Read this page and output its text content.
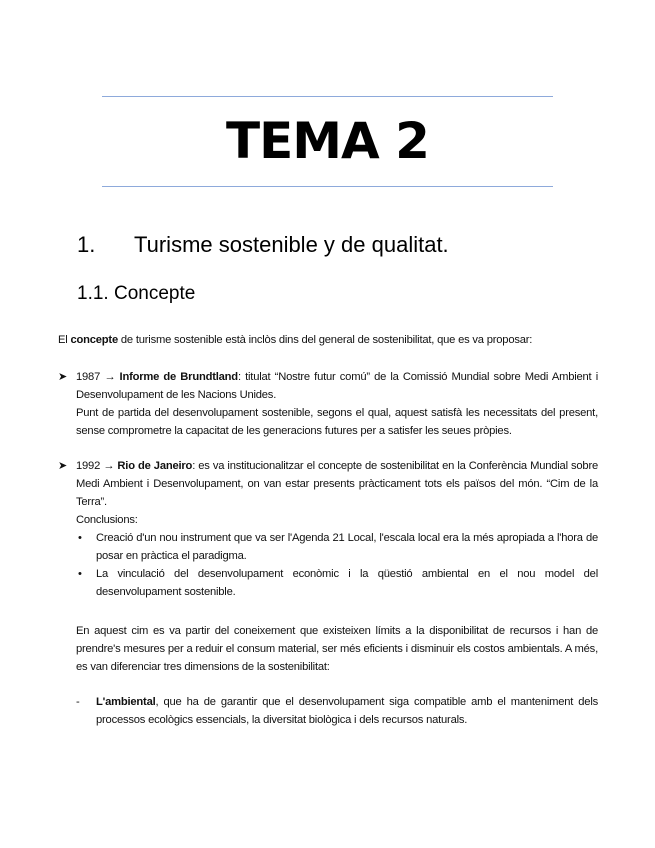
TEMA 2
1. Turisme sostenible y de qualitat.
1.1. Concepte
El concepte de turisme sostenible està inclòs dins del general de sostenibilitat, que es va proposar:
➤ 1987 → Informe de Brundtland: titulat “Nostre futur comú” de la Comissió Mundial sobre Medi Ambient i Desenvolupament de les Nacions Unides.
Punt de partida del desenvolupament sostenible, segons el qual, aquest satisfà les necessitats del present, sense comprometre la capacitat de les generacions futures per a satisfer les seues pròpies.
➤ 1992 → Rio de Janeiro: es va institucionalitzar el concepte de sostenibilitat en la Conferència Mundial sobre Medi Ambient i Desenvolupament, on van estar presents pràcticament tots els països del món. “Cim de la Terra”.
Conclusions:
• Creació d'un nou instrument que va ser l'Agenda 21 Local, l'escala local era la més apropiada a l'hora de posar en pràctica el paradigma.
• La vinculació del desenvolupament econòmic i la qüestió ambiental en el nou model del desenvolupament sostenible.
En aquest cim es va partir del coneixement que existeixen límits a la disponibilitat de recursos i han de prendre's mesures per a reduir el consum material, ser més eficients i disminuir els costos ambientals. A més, es van diferenciar tres dimensions de la sostenibilitat:
- L'ambiental, que ha de garantir que el desenvolupament siga compatible amb el manteniment dels processos ecològics essencials, la diversitat biològica i dels recursos naturals.
